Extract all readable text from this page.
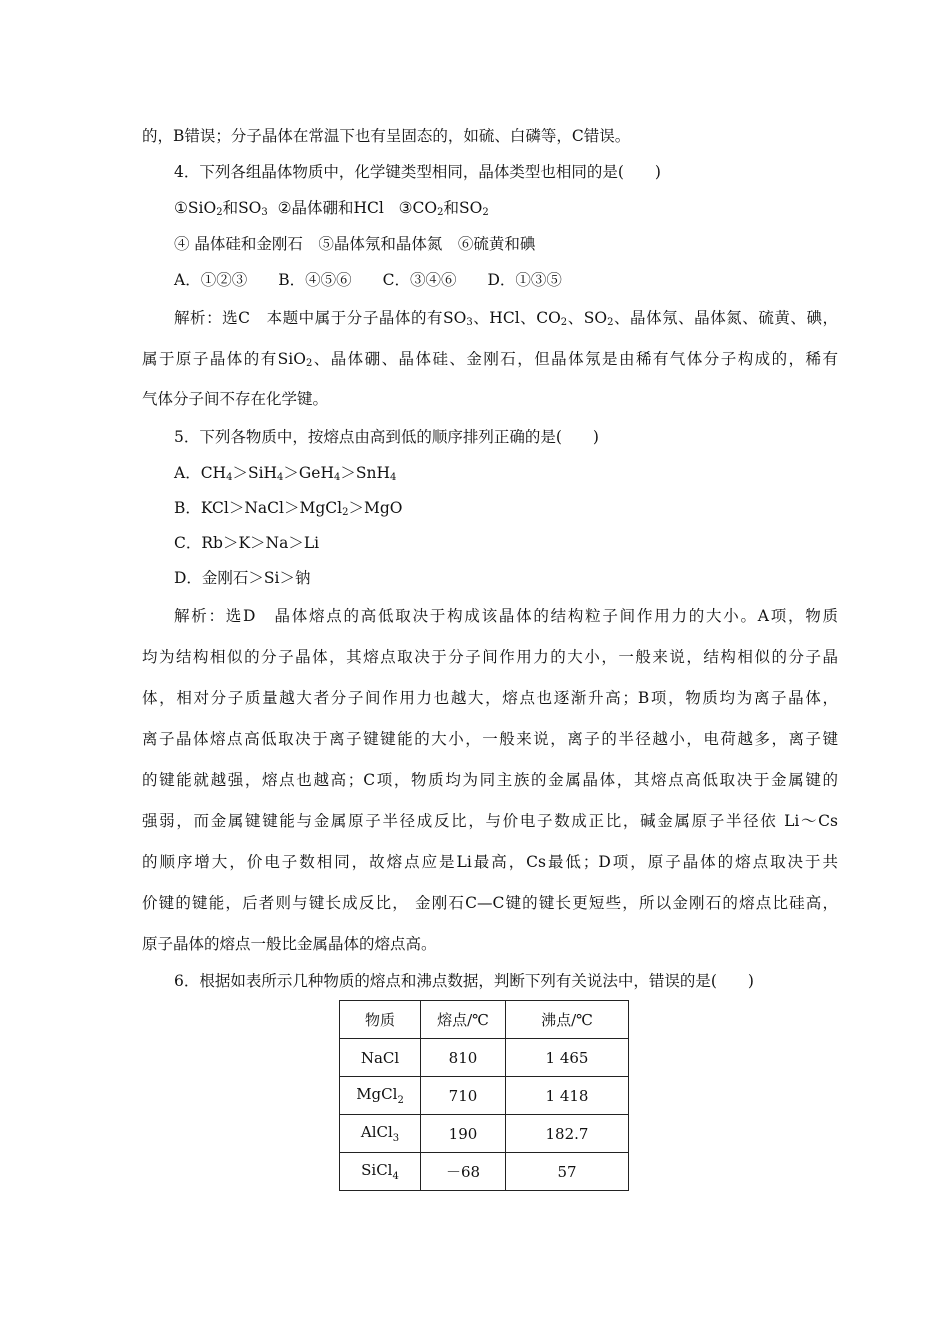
的，B错误；分子晶体在常温下也有呈固态的，如硫、白磷等，C错误。
4．下列各组晶体物质中，化学键类型相同，晶体类型也相同的是(　　)
①SiO$_2$和$SO_3$ ②晶体硼和HCl $③CO_2$和$SO_2$
④ 晶体硅和金刚石　⑤晶体氖和晶体氮　⑥硫黄和碘
A．①②③　　B．④⑤⑥　　C．③④⑥　　D．①③⑤
解析：选C　本题中属于分子晶体的有$SO_3$、HCl、$CO_2$、$SO_2$、晶体氖、晶体氮、硫黄、碘，
属于原子晶体的有SiO$_2$、晶体硼、晶体硅、金刚石，但晶体氖是由稀有气体分子构成的，稀有
气体分子间不存在化学键。
5．下列各物质中，按熔点由高到低的顺序排列正确的是(　　)
A．$CH_4>SiH_4>GeH_4>SnH_4$
B．KCl＞NaCl＞MgCl$_2$＞MgO
C．Rb＞K＞Na＞Li
D．金刚石＞Si＞钠
解析：选D　晶体熔点的高低取决于构成该晶体的结构粒子间作用力的大小。A项，物质
均为结构相似的分子晶体，其熔点取决于分子间作用力的大小，一般来说，结构相似的分子晶
体，相对分子质量越大者分子间作用力也越大，熔点也逐渐升高；B项，物质均为离子晶体，
离子晶体熔点高低取决于离子键键能的大小，一般来说，离子的半径越小，电荷越多，离子键
的键能就越强，熔点也越高；C项，物质均为同主族的金属晶体，其熔点高低取决于金属键的
强弱，而金属键键能与金属原子半径成反比，与价电子数成正比，碱金属原子半径依 Li～Cs
的顺序增大，价电子数相同，故熔点应是Li最高，Cs最低；D项，原子晶体的熔点取决于共
价键的键能，后者则与键长成反比， 金刚石C—C键的键长更短些，所以金刚石的熔点比硅高，
原子晶体的熔点一般比金属晶体的熔点高。
6．根据如表所示几种物质的熔点和沸点数据，判断下列有关说法中，错误的是(　　)
物质	熔点/℃	沸点/℃
NaCl	810	1 465
MgCl$_2$	710	1 418
AlCl$_3$	190	182.7
SiCl$_4$	－68	57
